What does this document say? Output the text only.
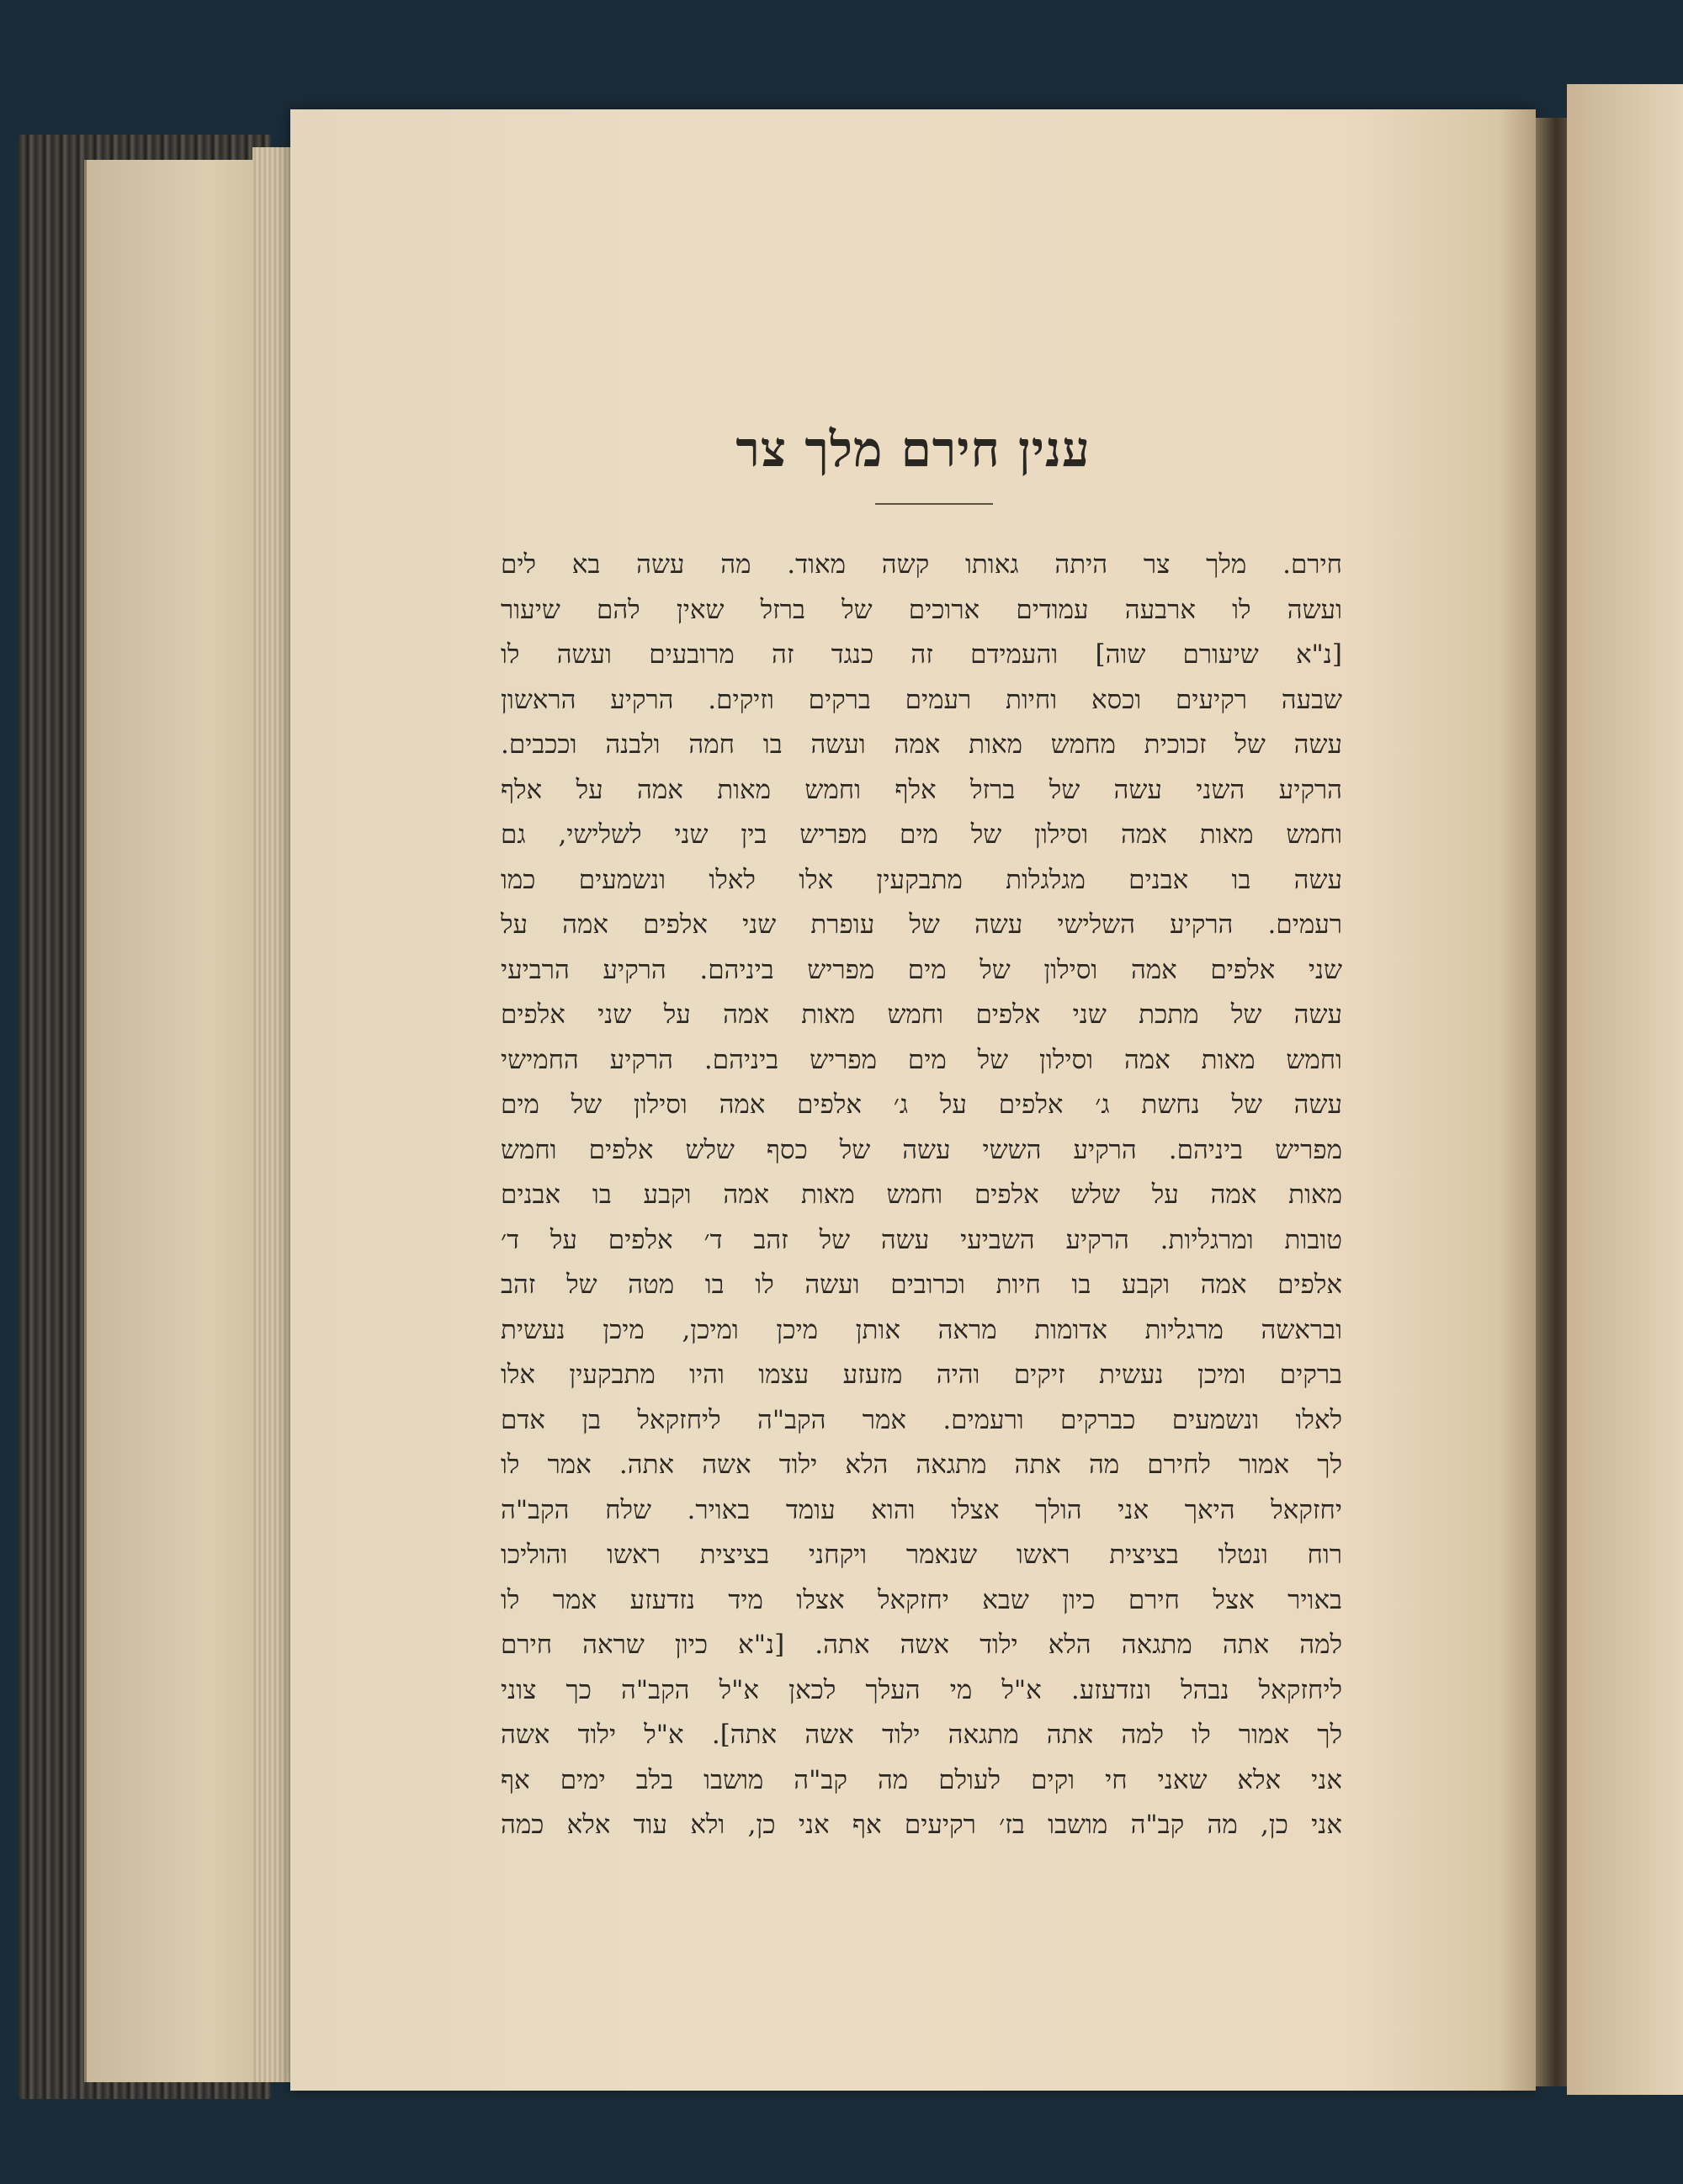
ענין חירם מלך צר
חירם. מלך צר היתה גאותו קשה מאוד. מה עשה בא לים
ועשה לו ארבעה עמודים ארוכים של ברזל שאין להם שיעור
[נ"א שיעורם שוה] והעמידם זה כנגד זה מרובעים ועשה לו
שבעה רקיעים וכסא וחיות רעמים ברקים וזיקים. הרקיע הראשון
עשה של זכוכית מחמש מאות אמה ועשה בו חמה ולבנה וככבים.
הרקיע השני עשה של ברזל אלף וחמש מאות אמה על אלף
וחמש מאות אמה וסילון של מים מפריש בין שני לשלישי, גם
עשה בו אבנים מגלגלות מתבקעין אלו לאלו ונשמעים כמו
רעמים. הרקיע השלישי עשה של עופרת שני אלפים אמה על
שני אלפים אמה וסילון של מים מפריש ביניהם. הרקיע הרביעי
עשה של מתכת שני אלפים וחמש מאות אמה על שני אלפים
וחמש מאות אמה וסילון של מים מפריש ביניהם. הרקיע החמישי
עשה של נחשת ג׳ אלפים על ג׳ אלפים אמה וסילון של מים
מפריש ביניהם. הרקיע הששי עשה של כסף שלש אלפים וחמש
מאות אמה על שלש אלפים וחמש מאות אמה וקבע בו אבנים
טובות ומרגליות. הרקיע השביעי עשה של זהב ד׳ אלפים על ד׳
אלפים אמה וקבע בו חיות וכרובים ועשה לו בו מטה של זהב
ובראשה מרגליות אדומות מראה אותן מיכן ומיכן, מיכן נעשית
ברקים ומיכן נעשית זיקים והיה מזעזע עצמו והיו מתבקעין אלו
לאלו ונשמעים כברקים ורעמים. אמר הקב"ה ליחזקאל בן אדם
לך אמור לחירם מה אתה מתגאה הלא ילוד אשה אתה. אמר לו
יחזקאל היאך אני הולך אצלו והוא עומד באויר. שלח הקב"ה
רוח ונטלו בציצית ראשו שנאמר ויקחני בציצית ראשו והוליכו
באויר אצל חירם כיון שבא יחזקאל אצלו מיד נזדעזע אמר לו
למה אתה מתגאה הלא ילוד אשה אתה. [נ"א כיון שראה חירם
ליחזקאל נבהל ונזדעזע. א"ל מי העלך לכאן א"ל הקב"ה כך צוני
לך אמור לו למה אתה מתגאה ילוד אשה אתה]. א"ל ילוד אשה
אני אלא שאני חי וקים לעולם מה קב"ה מושבו בלב ימים אף
אני כן, מה קב"ה מושבו בז׳ רקיעים אף אני כן, ולא עוד אלא כמה
